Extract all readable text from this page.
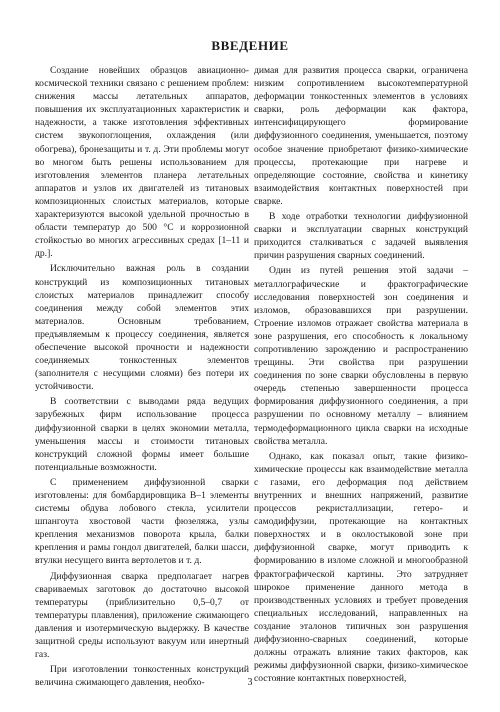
ВВЕДЕНИЕ

Создание новейших образцов авиационно-космической техники связано с решением проблем: снижения массы летательных аппаратов, повышения их эксплуатационных характеристик и надежности, а также изготовления эффективных систем звукопоглощения, охлаждения (или обогрева), бронезащиты и т. д. Эти проблемы могут во многом быть решены использованием для изготовления элементов планера летательных аппаратов и узлов их двигателей из титановых композиционных слоистых материалов, которые характеризуются высокой удельной прочностью в области температур до 500 °С и коррозионной стойкостью во многих агрессивных средах [1–11 и др.].

Исключительно важная роль в создании конструкций из композиционных титановых слоистых материалов принадлежит способу соединения между собой элементов этих материалов. Основным требованием, предъявляемым к процессу соединения, является обеспечение высокой прочности и надежности соединяемых тонкостенных элементов (заполнителя с несущими слоями) без потери их устойчивости.

В соответствии с выводами ряда ведущих зарубежных фирм использование процесса диффузионной сварки в целях экономии металла, уменьшения массы и стоимости титановых конструкций сложной формы имеет большие потенциальные возможности.

С применением диффузионной сварки изготовлены: для бомбардировщика В–1 элементы системы обдува лобового стекла, усилители шпангоута хвостовой части фюзеляжа, узлы крепления механизмов поворота крыла, балки крепления и рамы гондол двигателей, балки шасси, втулки несущего винта вертолетов и т. д.

Диффузионная сварка предполагает нагрев свариваемых заготовок до достаточно высокой температуры (приблизительно 0,5–0,7 от температуры плавления), приложение сжимающего давления и изотермическую выдержку. В качестве защитной среды используют вакуум или инертный газ.

При изготовлении тонкостенных конструкций величина сжимающего давления, необхо-

димая для развития процесса сварки, ограничена низким сопротивлением высокотемпературной деформации тонкостенных элементов в условиях сварки, роль деформации как фактора, интенсифицирующего формирование диффузионного соединения, уменьшается, поэтому особое значение приобретают физико-химические процессы, протекающие при нагреве и определяющие состояние, свойства и кинетику взаимодействия контактных поверхностей при сварке.

В ходе отработки технологии диффузионной сварки и эксплуатации сварных конструкций приходится сталкиваться с задачей выявления причин разрушения сварных соединений.

Один из путей решения этой задачи – металлографические и фрактографические исследования поверхностей зон соединения и изломов, образовавшихся при разрушении. Строение изломов отражает свойства материала в зоне разрушения, его способность к локальному сопротивлению зарождению и распространению трещины. Эти свойства при разрушении соединения по зоне сварки обусловлены в первую очередь степенью завершенности процесса формирования диффузионного соединения, а при разрушении по основному металлу – влиянием термодеформационного цикла сварки на исходные свойства металла.

Однако, как показал опыт, такие физико-химические процессы как взаимодействие металла с газами, его деформация под действием внутренних и внешних напряжений, развитие процессов рекристаллизации, гетеро- и самодиффузии, протекающие на контактных поверхностях и в околостыковой зоне при диффузионной сварке, могут приводить к формированию в изломе сложной и многообразной фрактографической картины. Это затрудняет широкое применение данного метода в производственных условиях и требует проведения специальных исследований, направленных на создание эталонов типичных зон разрушения диффузионно-сварных соединений, которые должны отражать влияние таких факторов, как режимы диффузионной сварки, физико-химическое состояние контактных поверхностей,

3
